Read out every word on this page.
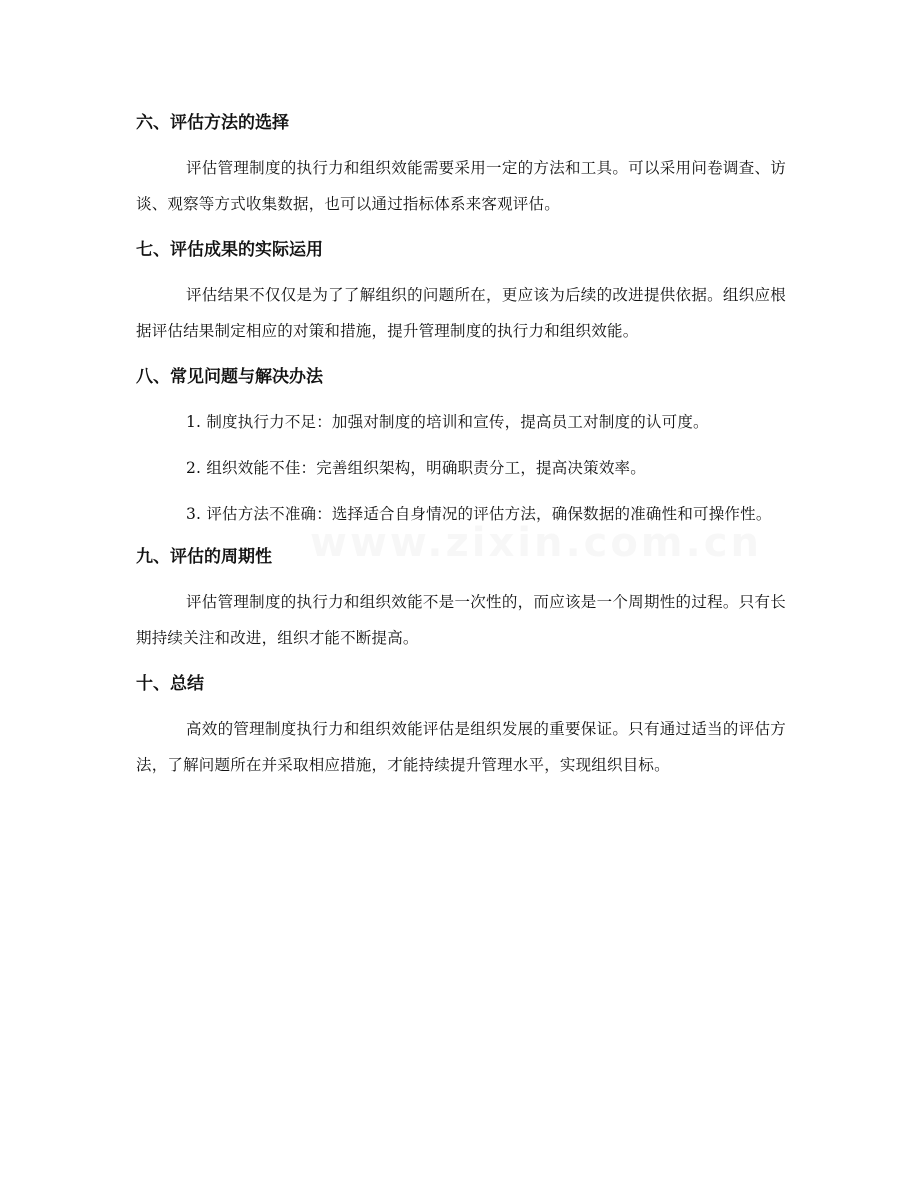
www.zixin.com.cn
六、评估方法的选择

评估管理制度的执行力和组织效能需要采用一定的方法和工具。可以采用问卷调查、访谈、观察等方式收集数据，也可以通过指标体系来客观评估。

七、评估成果的实际运用

评估结果不仅仅是为了了解组织的问题所在，更应该为后续的改进提供依据。组织应根据评估结果制定相应的对策和措施，提升管理制度的执行力和组织效能。

八、常见问题与解决办法

1. 制度执行力不足：加强对制度的培训和宣传，提高员工对制度的认可度。

2. 组织效能不佳：完善组织架构，明确职责分工，提高决策效率。

3. 评估方法不准确：选择适合自身情况的评估方法，确保数据的准确性和可操作性。

九、评估的周期性

评估管理制度的执行力和组织效能不是一次性的，而应该是一个周期性的过程。只有长期持续关注和改进，组织才能不断提高。

十、总结

高效的管理制度执行力和组织效能评估是组织发展的重要保证。只有通过适当的评估方法，了解问题所在并采取相应措施，才能持续提升管理水平，实现组织目标。
